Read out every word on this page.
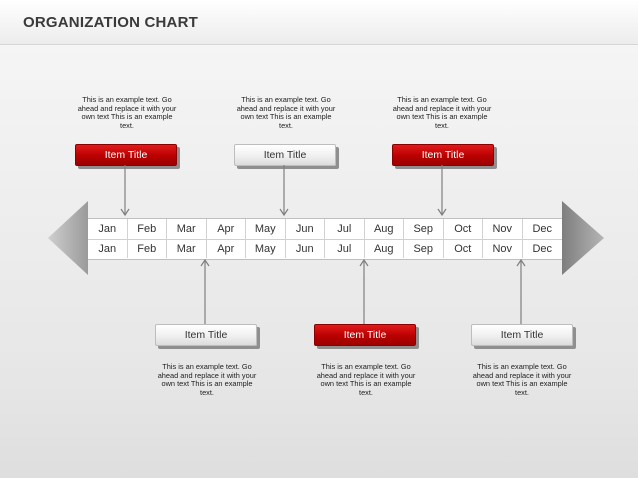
ORGANIZATION CHART
This is an example text. Go ahead and replace it with your own text This is an example text.
This is an example text. Go ahead and replace it with your own text This is an example text.
This is an example text. Go ahead and replace it with your own text This is an example text.
Item Title	Item Title	Item Title
Jan	Feb	Mar	Apr	May	Jun	Jul	Aug	Sep	Oct	Nov	Dec
Jan	Feb	Mar	Apr	May	Jun	Jul	Aug	Sep	Oct	Nov	Dec
Item Title	Item Title	Item Title
This is an example text. Go ahead and replace it with your own text This is an example text.
This is an example text. Go ahead and replace it with your own text This is an example text.
This is an example text. Go ahead and replace it with your own text This is an example text.
